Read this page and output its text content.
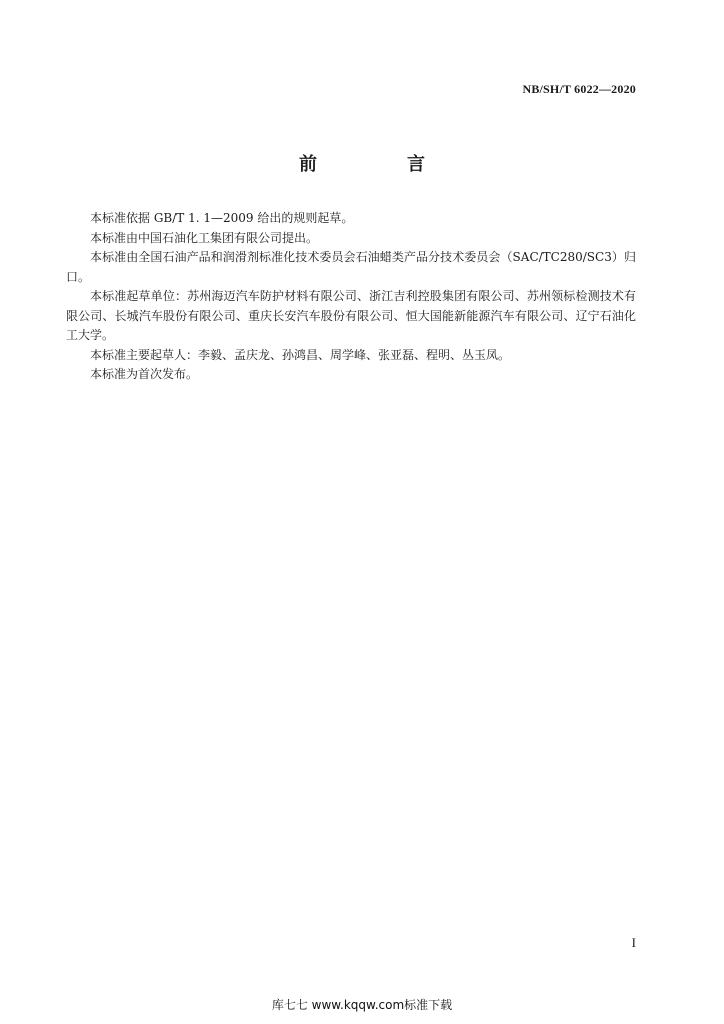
NB/SH/T 6022—2020
前　言

本标准依据 GB/T 1. 1—2009 给出的规则起草。

本标准由中国石油化工集团有限公司提出。

本标准由全国石油产品和润滑剂标准化技术委员会石油蜡类产品分技术委员会（SAC/TC280/SC3）归口。

本标准起草单位：苏州海迈汽车防护材料有限公司、浙江吉利控股集团有限公司、苏州领标检测技术有限公司、长城汽车股份有限公司、重庆长安汽车股份有限公司、恒大国能新能源汽车有限公司、辽宁石油化工大学。

本标准主要起草人：李毅、孟庆龙、孙鸿昌、周学峰、张亚磊、程明、丛玉凤。

本标准为首次发布。

I
库七七 www.kqqw.com标准下载
